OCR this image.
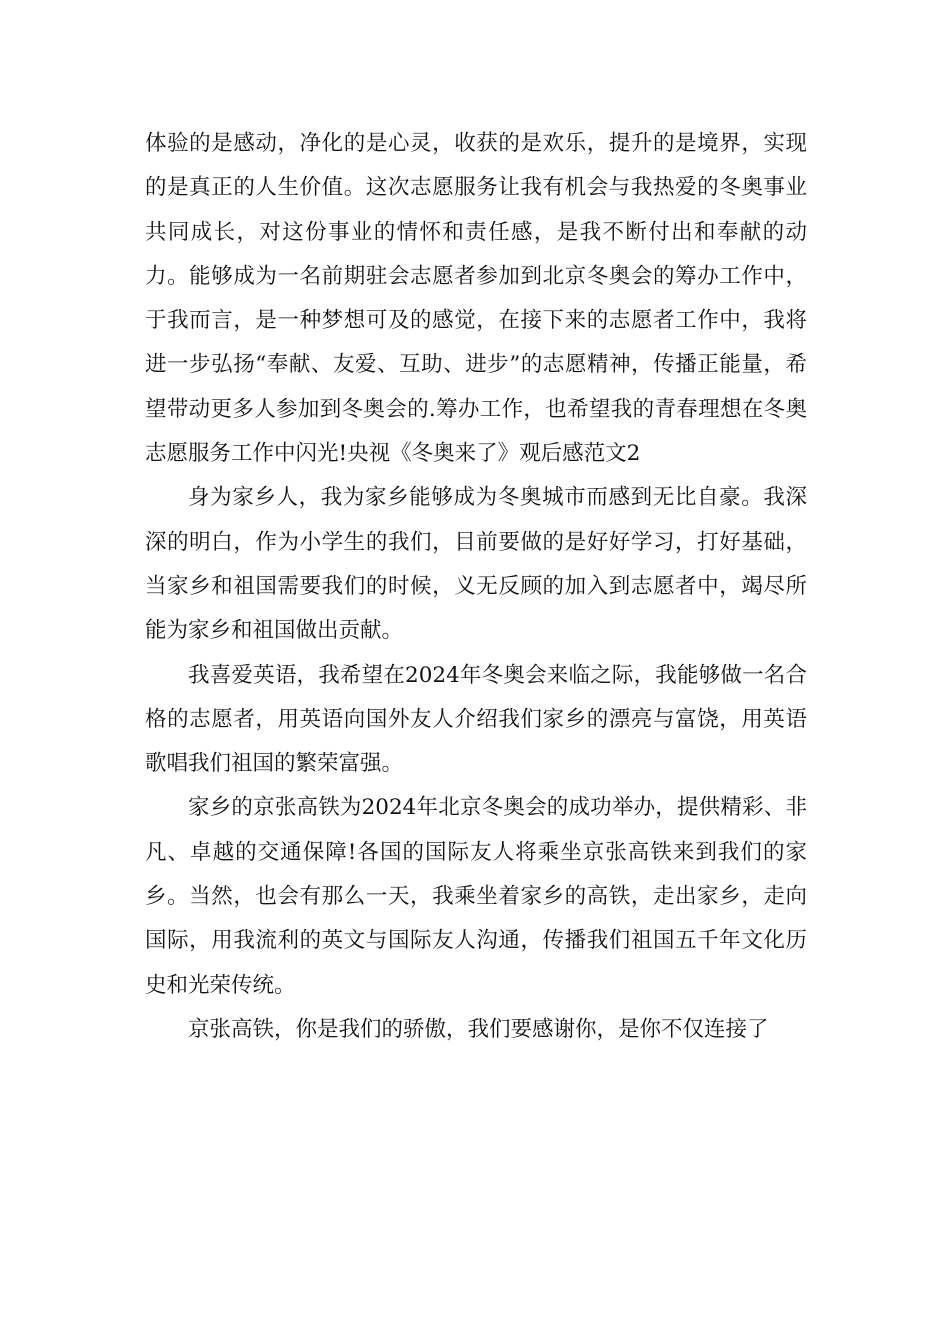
体验的是感动，净化的是心灵，收获的是欢乐，提升的是境界，实现的是真正的人生价值。这次志愿服务让我有机会与我热爱的冬奥事业共同成长，对这份事业的情怀和责任感，是我不断付出和奉献的动力。能够成为一名前期驻会志愿者参加到北京冬奥会的筹办工作中，于我而言，是一种梦想可及的感觉，在接下来的志愿者工作中，我将进一步弘扬“奉献、友爱、互助、进步”的志愿精神，传播正能量，希望带动更多人参加到冬奥会的.筹办工作，也希望我的青春理想在冬奥志愿服务工作中闪光!央视《冬奥来了》观后感范文2

身为家乡人，我为家乡能够成为冬奥城市而感到无比自豪。我深深的明白，作为小学生的我们，目前要做的是好好学习，打好基础，当家乡和祖国需要我们的时候，义无反顾的加入到志愿者中，竭尽所能为家乡和祖国做出贡献。

我喜爱英语，我希望在2024年冬奥会来临之际，我能够做一名合格的志愿者，用英语向国外友人介绍我们家乡的漂亮与富饶，用英语歌唱我们祖国的繁荣富强。

家乡的京张高铁为2024年北京冬奥会的成功举办，提供精彩、非凡、卓越的交通保障!各国的国际友人将乘坐京张高铁来到我们的家乡。当然，也会有那么一天，我乘坐着家乡的高铁，走出家乡，走向国际，用我流利的英文与国际友人沟通，传播我们祖国五千年文化历史和光荣传统。

京张高铁，你是我们的骄傲，我们要感谢你，是你不仅连接了
